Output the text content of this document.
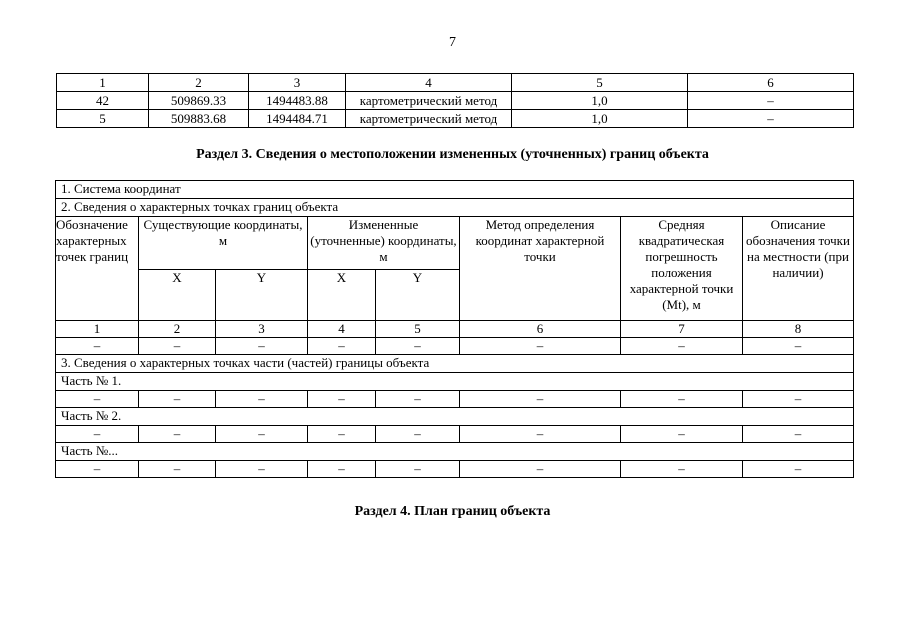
7
1	2	3	4	5	6
42	509869.33	1494483.88	картометрический метод	1,0	–
5	509883.68	1494484.71	картометрический метод	1,0	–
Раздел 3. Сведения о местоположении измененных (уточненных) границ объекта
1. Система координат							
2. Сведения о характерных точках границ объекта							
Обозначение характерных точек границ	Существующие координаты, м		Измененные (уточненные) координаты, м		Метод определения координат характерной точки	Средняя квадратическая погрешность положения характерной точки (Mt), м	Описание обозначения точки на местности (при наличии)
	X	Y	X	Y			
1	2	3	4	5	6	7	8
–	–	–	–	–	–	–	–
3. Сведения о характерных точках части (частей) границы объекта							
Часть № 1.							
–	–	–	–	–	–	–	–
Часть № 2.							
–	–	–	–	–	–	–	–
Часть №...							
–	–	–	–	–	–	–	–
Раздел 4. План границ объекта
